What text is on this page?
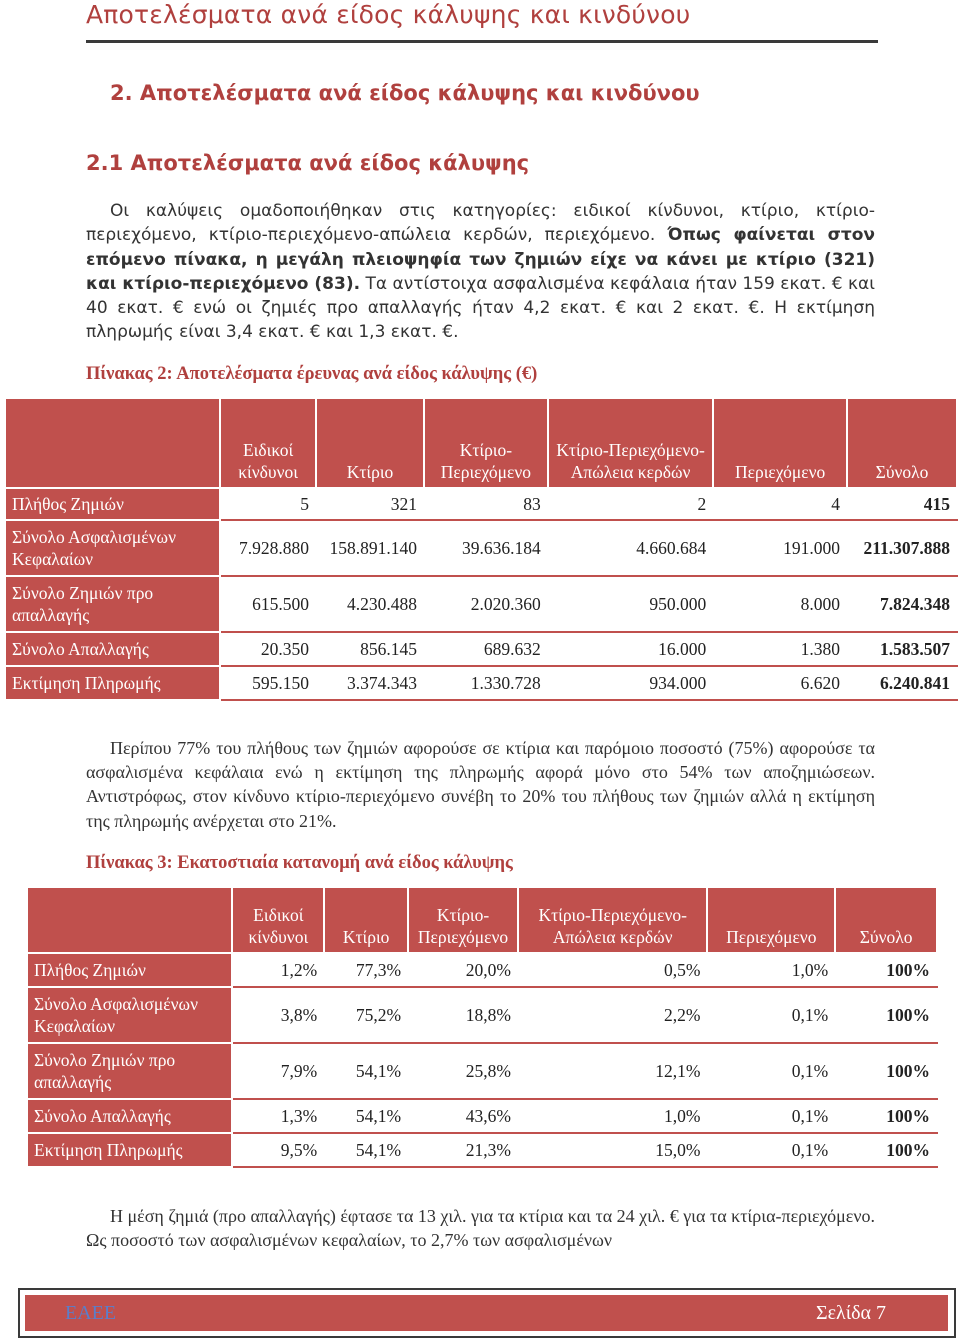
Αποτελέσματα ανά είδος κάλυψης και κινδύνου
2. Αποτελέσματα ανά είδος κάλυψης και κινδύνου
2.1 Αποτελέσματα ανά είδος κάλυψης
Οι καλύψεις ομαδοποιήθηκαν στις κατηγορίες: ειδικοί κίνδυνοι, κτίριο, κτίριο-περιεχόμενο, κτίριο-περιεχόμενο-απώλεια κερδών, περιεχόμενο. Όπως φαίνεται στον επόμενο πίνακα, η μεγάλη πλειοψηφία των ζημιών είχε να κάνει με κτίριο (321) και κτίριο-περιεχόμενο (83). Τα αντίστοιχα ασφαλισμένα κεφάλαια ήταν 159 εκατ. € και 40 εκατ. € ενώ οι ζημιές προ απαλλαγής ήταν 4,2 εκατ. € και 2 εκατ. €. Η εκτίμηση πληρωμής είναι 3,4 εκατ. € και 1,3 εκατ. €.
Πίνακας 2: Αποτελέσματα έρευνας ανά είδος κάλυψης (€)
	Ειδικοί κίνδυνοι	Κτίριο	Κτίριο-Περιεχόμενο	Κτίριο-Περιεχόμενο-Απώλεια κερδών	Περιεχόμενο	Σύνολο
Πλήθος Ζημιών	5	321	83	2	4	415
Σύνολο Ασφαλισμένων Κεφαλαίων	7.928.880	158.891.140	39.636.184	4.660.684	191.000	211.307.888
Σύνολο Ζημιών προ απαλλαγής	615.500	4.230.488	2.020.360	950.000	8.000	7.824.348
Σύνολο Απαλλαγής	20.350	856.145	689.632	16.000	1.380	1.583.507
Εκτίμηση Πληρωμής	595.150	3.374.343	1.330.728	934.000	6.620	6.240.841
Περίπου 77% του πλήθους των ζημιών αφορούσε σε κτίρια και παρόμοιο ποσοστό (75%) αφορούσε τα ασφαλισμένα κεφάλαια ενώ η εκτίμηση της πληρωμής αφορά μόνο στο 54% των αποζημιώσεων. Αντιστρόφως, στον κίνδυνο κτίριο-περιεχόμενο συνέβη το 20% του πλήθους των ζημιών αλλά η εκτίμηση της πληρωμής ανέρχεται στο 21%.
Πίνακας 3: Εκατοστιαία κατανομή ανά είδος κάλυψης
	Ειδικοί κίνδυνοι	Κτίριο	Κτίριο-Περιεχόμενο	Κτίριο-Περιεχόμενο-Απώλεια κερδών	Περιεχόμενο	Σύνολο
Πλήθος Ζημιών	1,2%	77,3%	20,0%	0,5%	1,0%	100%
Σύνολο Ασφαλισμένων Κεφαλαίων	3,8%	75,2%	18,8%	2,2%	0,1%	100%
Σύνολο Ζημιών προ απαλλαγής	7,9%	54,1%	25,8%	12,1%	0,1%	100%
Σύνολο Απαλλαγής	1,3%	54,1%	43,6%	1,0%	0,1%	100%
Εκτίμηση Πληρωμής	9,5%	54,1%	21,3%	15,0%	0,1%	100%
Η μέση ζημιά (προ απαλλαγής) έφτασε τα 13 χιλ. για τα κτίρια και τα 24 χιλ. € για τα κτίρια-περιεχόμενο. Ως ποσοστό των ασφαλισμένων κεφαλαίων, το 2,7% των ασφαλισμένων
ΕΑΕΕ	Σελίδα 7
